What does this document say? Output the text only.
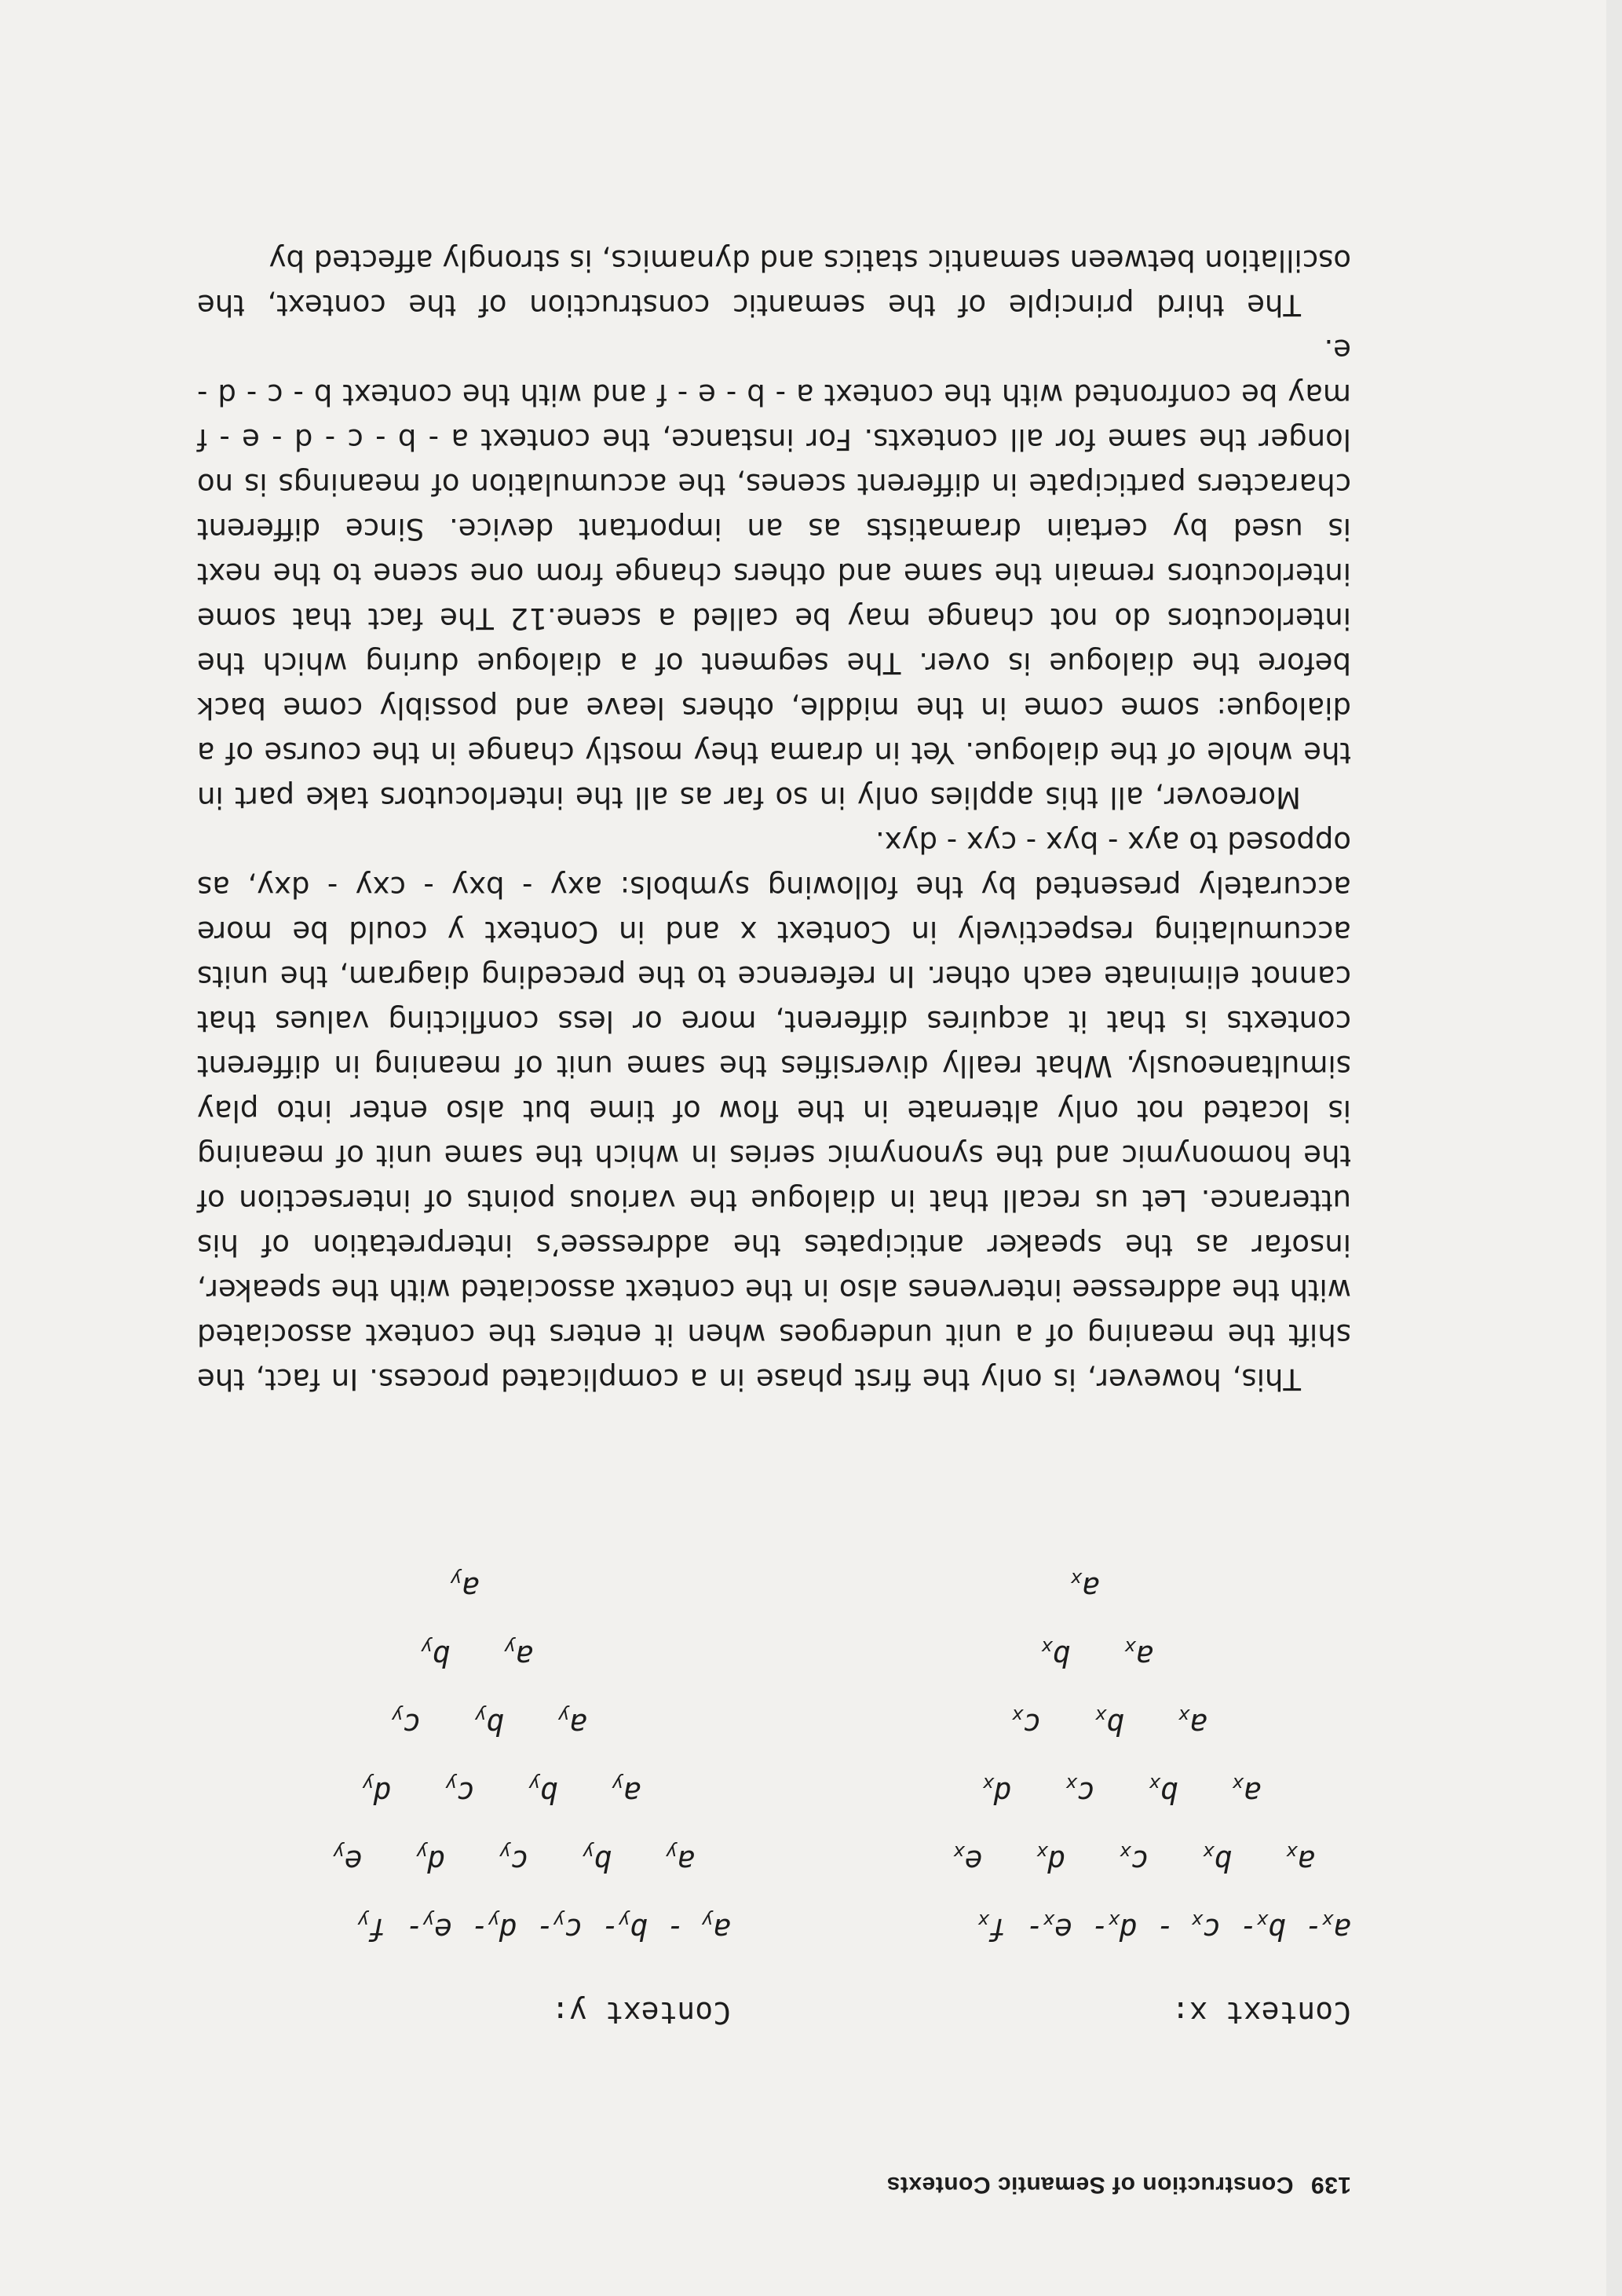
139Construction of Semantic Contexts
Context x:
Context y:
$a_x-$ $b_x-$ $c_x - d_x-$ $e_x-$ $f_x$
$a_x$   $b_x$   $c_x$   $d_x$   $e_x$
$a_x$   $b_x$   $c_x$   $d_x$
$a_x$   $b_x$   $c_x$
$a_x$   $b_x$
$a_x$
$a_y - b_y-$ $c_y-$ $d_y-$ $e_y-$ $f_y$
$a_y$   $b_y$   $c_y$   $d_y$   $e_y$
$a_y$   $b_y$   $c_y$   $d_y$
$a_y$   $b_y$   $c_y$
$a_y$   $b_y$
$a_y$

This, however, is only the first phase in a complicated process. In fact, the shift the meaning of a unit undergoes when it enters the context associated with the addressee intervenes also in the context associated with the speaker, insofar as the speaker anticipates the addressee’s interpretation of his utterance. Let us recall that in dialogue the various points of intersection of the homonymic and the synonymic series in which the same unit of meaning is located not only alternate in the flow of time but also enter into play simultaneously. What really diversifies the same unit of meaning in different contexts is that it acquires different, more or less conflicting values that cannot eliminate each other. In reference to the preceding diagram, the units accumulating respectively in Context x and in Context y could be more accurately presented by the following symbols: axy - bxy - cxy - dxy, as opposed to ayx - byx - cyx - dyx.

Moreover, all this applies only in so far as all the interlocutors take part in the whole of the dialogue. Yet in drama they mostly change in the course of a dialogue: some come in the middle, others leave and possibly come back before the dialogue is over. The segment of a dialogue during which the interlocutors do not change may be called a scene.12 The fact that some interlocutors remain the same and others change from one scene to the next is used by certain dramatists as an important device. Since different characters participate in different scenes, the accumulation of meanings is no longer the same for all contexts. For instance, the context a - b - c - d - e - f may be confronted with the context a - b - e - f and with the context b - c - d - e.

The third principle of the semantic construction of the context, the oscillation between semantic statics and dynamics, is strongly affected by
